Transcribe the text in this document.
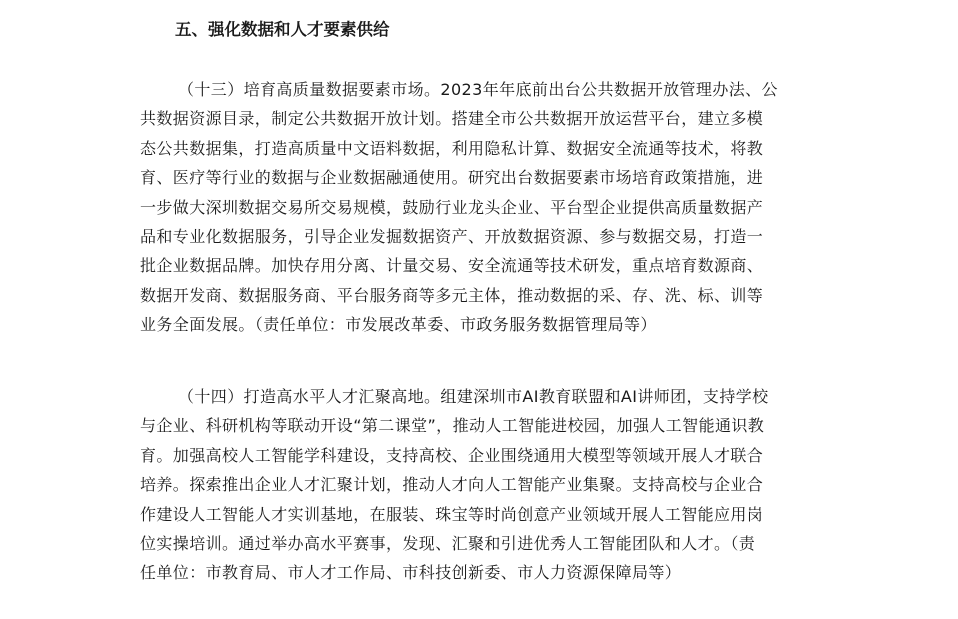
五、强化数据和人才要素供给
（十三）培育高质量数据要素市场。2023年年底前出台公共数据开放管理办法、公
共数据资源目录，制定公共数据开放计划。搭建全市公共数据开放运营平台，建立多模
态公共数据集，打造高质量中文语料数据，利用隐私计算、数据安全流通等技术，将教
育、医疗等行业的数据与企业数据融通使用。研究出台数据要素市场培育政策措施，进
一步做大深圳数据交易所交易规模，鼓励行业龙头企业、平台型企业提供高质量数据产
品和专业化数据服务，引导企业发掘数据资产、开放数据资源、参与数据交易，打造一
批企业数据品牌。加快存用分离、计量交易、安全流通等技术研发，重点培育数源商、
数据开发商、数据服务商、平台服务商等多元主体，推动数据的采、存、洗、标、训等
业务全面发展。（责任单位：市发展改革委、市政务服务数据管理局等）
（十四）打造高水平人才汇聚高地。组建深圳市AI教育联盟和AI讲师团，支持学校
与企业、科研机构等联动开设“第二课堂”，推动人工智能进校园，加强人工智能通识教
育。加强高校人工智能学科建设，支持高校、企业围绕通用大模型等领域开展人才联合
培养。探索推出企业人才汇聚计划，推动人才向人工智能产业集聚。支持高校与企业合
作建设人工智能人才实训基地，在服装、珠宝等时尚创意产业领域开展人工智能应用岗
位实操培训。通过举办高水平赛事，发现、汇聚和引进优秀人工智能团队和人才。（责
任单位：市教育局、市人才工作局、市科技创新委、市人力资源保障局等）
